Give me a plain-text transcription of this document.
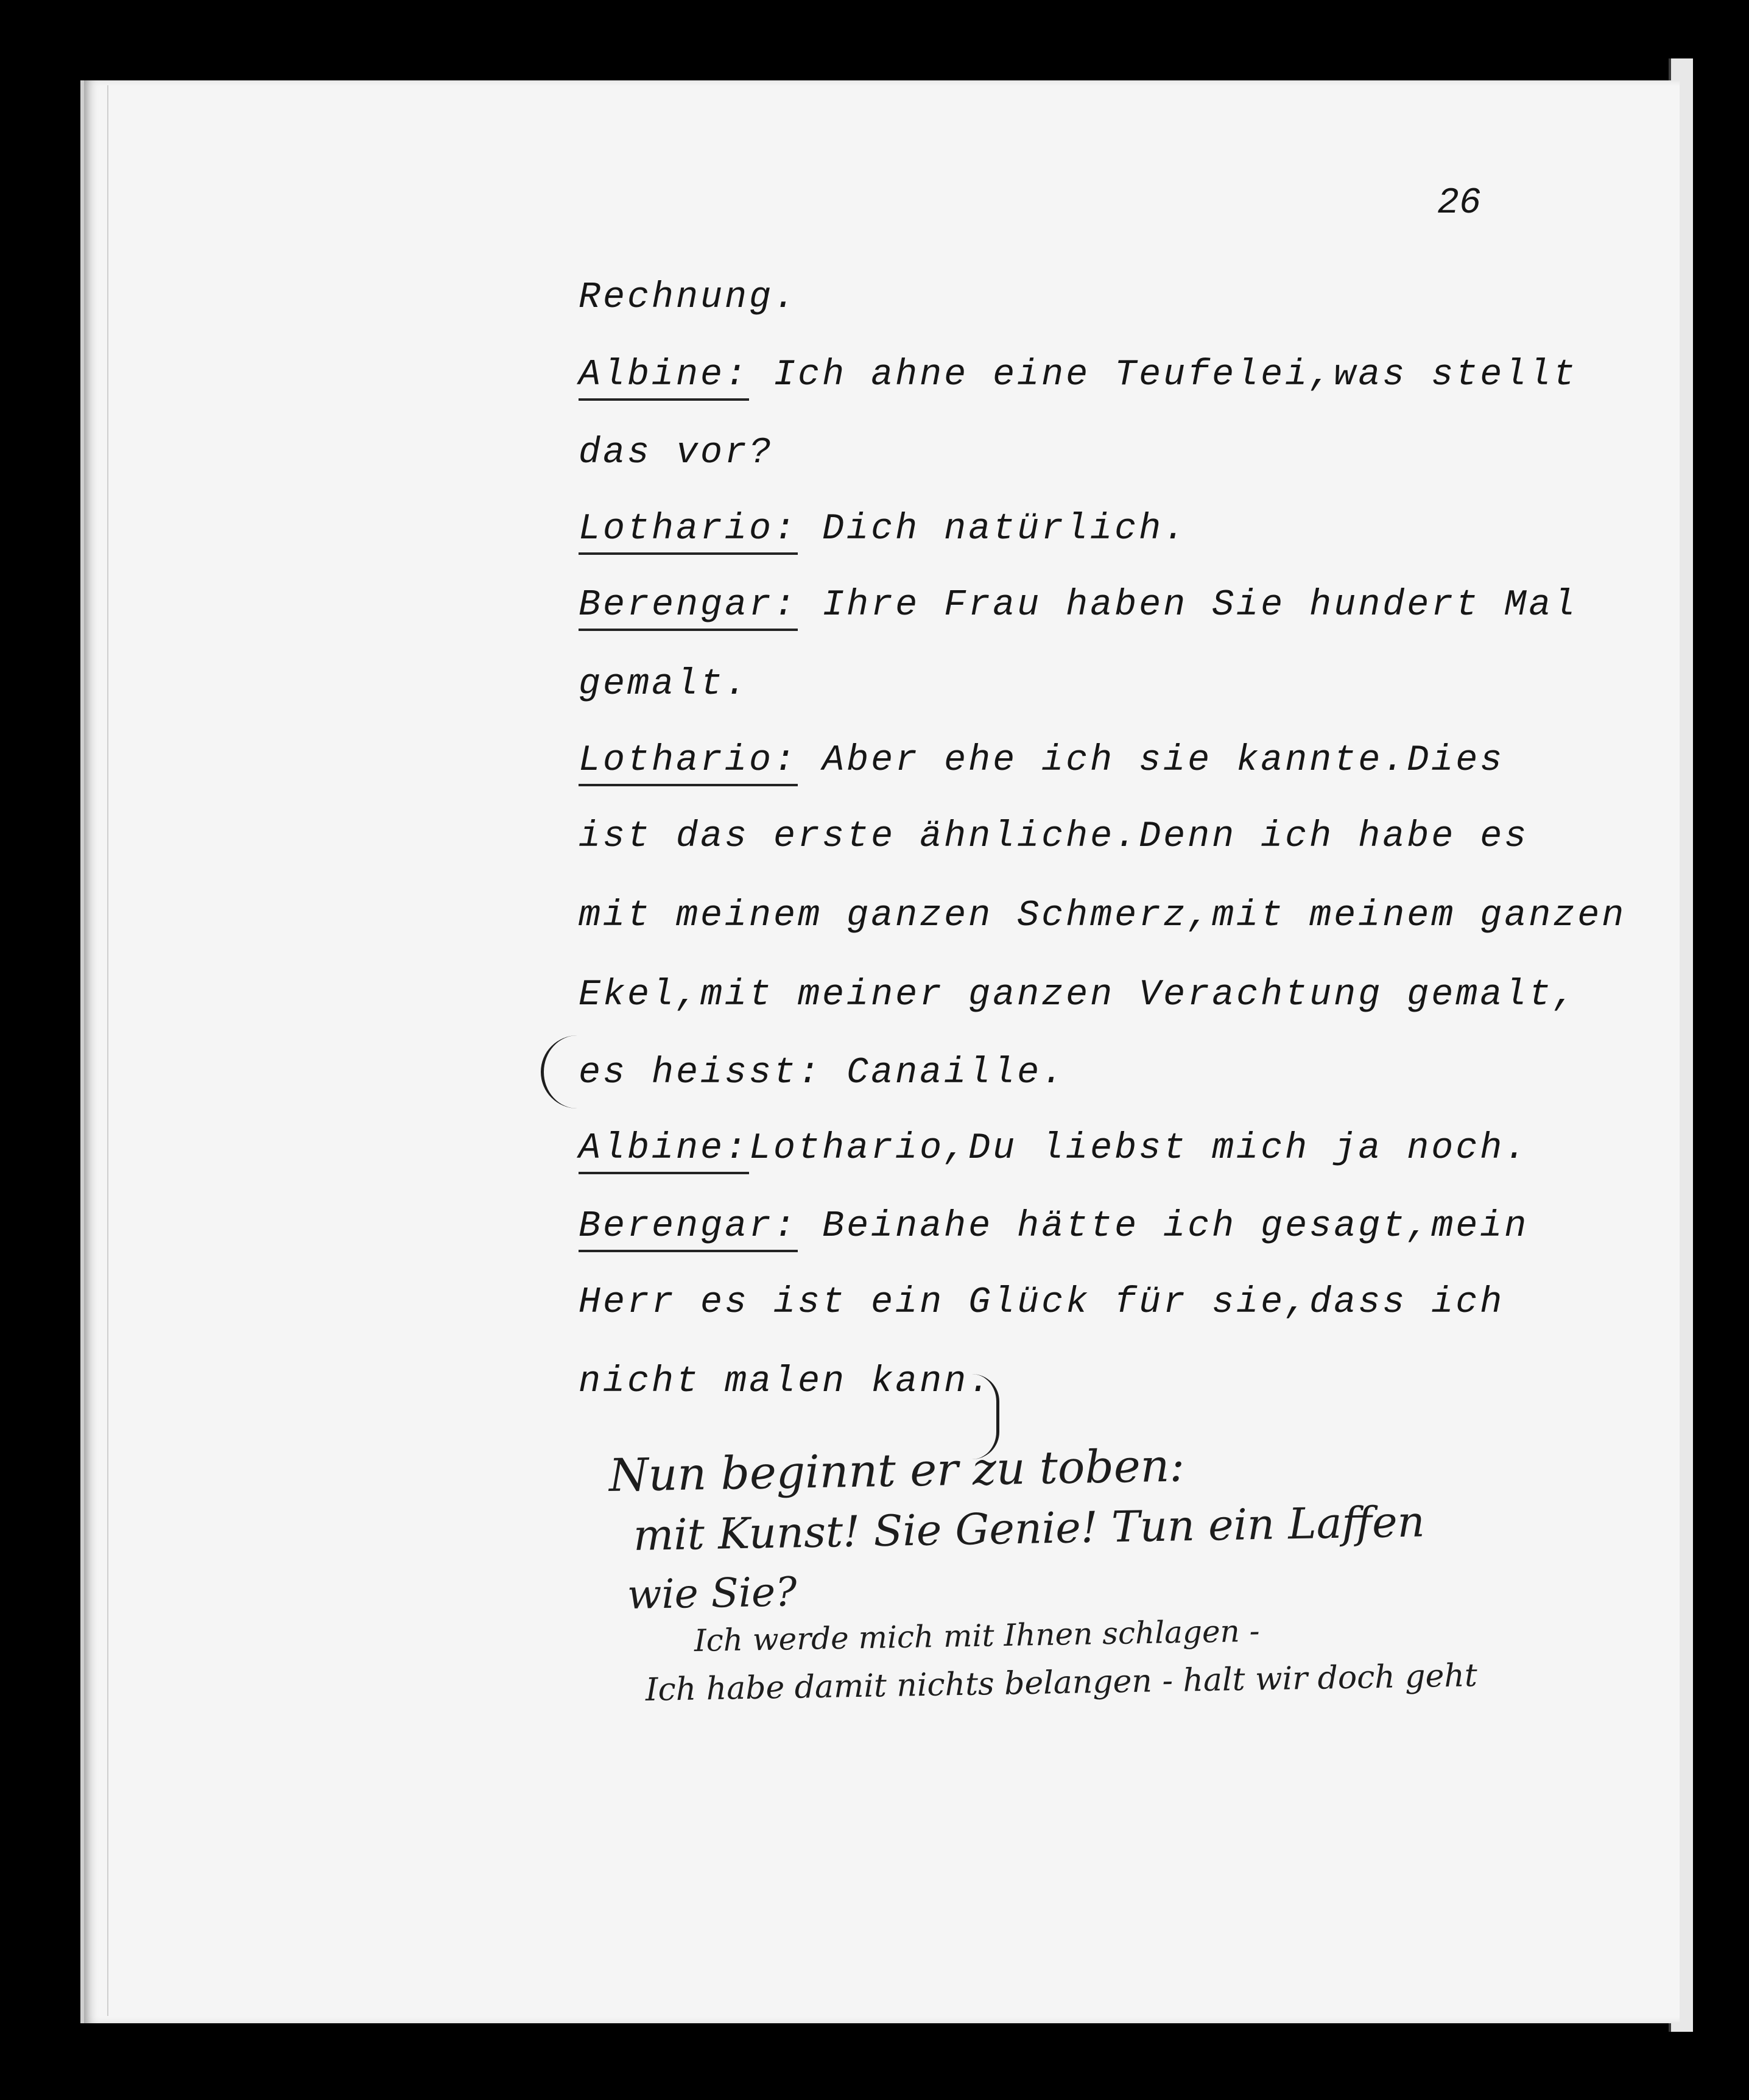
26
Rechnung.
Albine: Ich ahne eine Teufelei,was stellt
das vor?
Lothario: Dich natürlich.
Berengar: Ihre Frau haben Sie hundert Mal
gemalt.
Lothario: Aber ehe ich sie kannte.Dies
ist das erste ähnliche.Denn ich habe es
mit meinem ganzen Schmerz,mit meinem ganzen
Ekel,mit meiner ganzen Verachtung gemalt,
es heisst: Canaille.
Albine:Lothario,Du liebst mich ja noch.
Berengar: Beinahe hätte ich gesagt,mein
Herr es ist ein Glück für sie,dass ich
nicht malen kann.
Nun beginnt er zu toben:
mit Kunst! Sie Genie! Tun ein Laffen
wie Sie?
Ich werde mich mit Ihnen schlagen -
Ich habe damit nichts belangen - halt wir doch geht
